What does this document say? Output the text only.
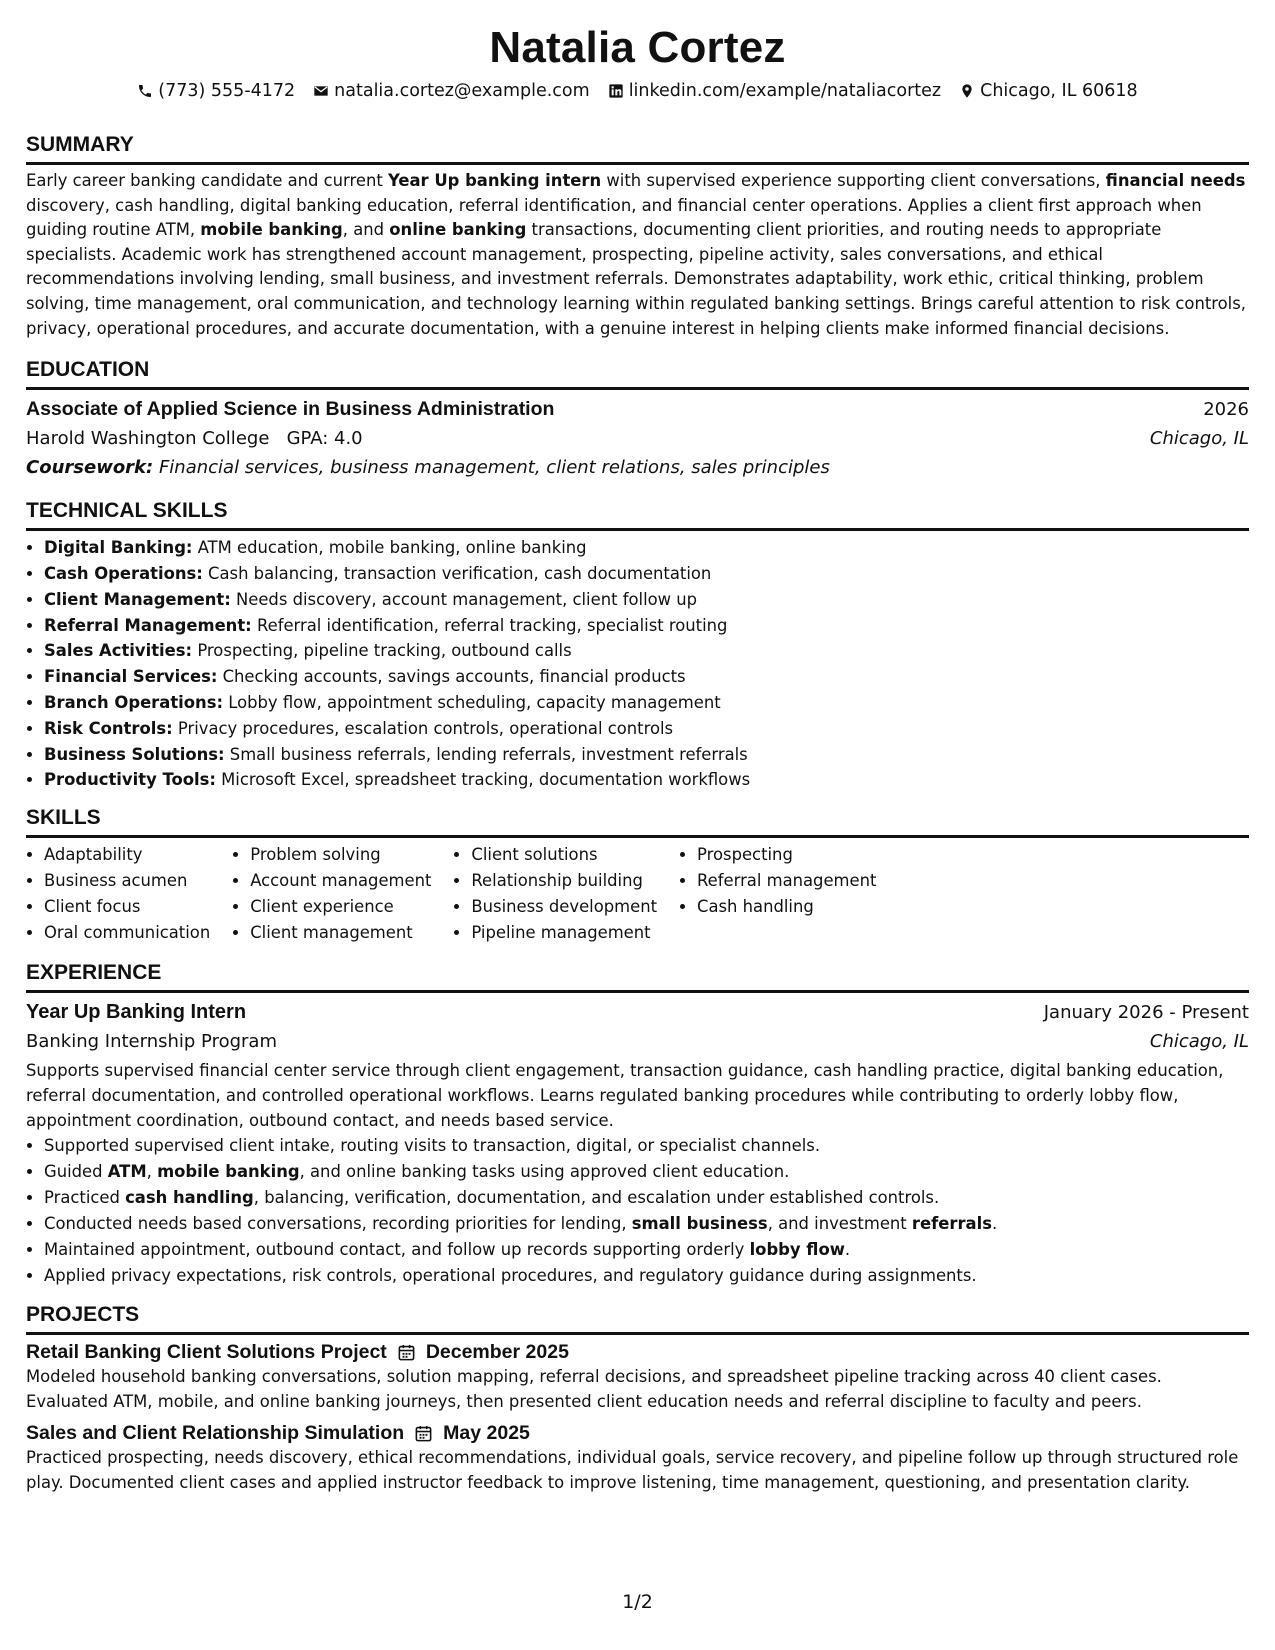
Natalia Cortez
(773) 555-4172 natalia.cortez@example.com linkedin.com/example/nataliacortez Chicago, IL 60618
SUMMARY

Early career banking candidate and current Year Up banking intern with supervised experience supporting client conversations, financial needs discovery, cash handling, digital banking education, referral identification, and financial center operations. Applies a client first approach when guiding routine ATM, mobile banking, and online banking transactions, documenting client priorities, and routing needs to appropriate specialists. Academic work has strengthened account management, prospecting, pipeline activity, sales conversations, and ethical recommendations involving lending, small business, and investment referrals. Demonstrates adaptability, work ethic, critical thinking, problem solving, time management, oral communication, and technology learning within regulated banking settings. Brings careful attention to risk controls, privacy, operational procedures, and accurate documentation, with a genuine interest in helping clients make informed financial decisions.

EDUCATION
Associate of Applied Science in Business Administration	2026
Harold Washington College GPA: 4.0	Chicago, IL
Coursework: Financial services, business management, client relations, sales principles
TECHNICAL SKILLS
• Digital Banking: ATM education, mobile banking, online banking
• Cash Operations: Cash balancing, transaction verification, cash documentation
• Client Management: Needs discovery, account management, client follow up
• Referral Management: Referral identification, referral tracking, specialist routing
• Sales Activities: Prospecting, pipeline tracking, outbound calls
• Financial Services: Checking accounts, savings accounts, financial products
• Branch Operations: Lobby flow, appointment scheduling, capacity management
• Risk Controls: Privacy procedures, escalation controls, operational controls
• Business Solutions: Small business referrals, lending referrals, investment referrals
• Productivity Tools: Microsoft Excel, spreadsheet tracking, documentation workflows
SKILLS
• Adaptability
• Business acumen
• Client focus
• Oral communication
• Problem solving
• Account management
• Client experience
• Client management
• Client solutions
• Relationship building
• Business development
• Pipeline management
• Prospecting
• Referral management
• Cash handling
EXPERIENCE
Year Up Banking Intern	January 2026 - Present
Banking Internship Program	Chicago, IL

Supports supervised financial center service through client engagement, transaction guidance, cash handling practice, digital banking education, referral documentation, and controlled operational workflows. Learns regulated banking procedures while contributing to orderly lobby flow, appointment coordination, outbound contact, and needs based service.

• Supported supervised client intake, routing visits to transaction, digital, or specialist channels.
• Guided ATM, mobile banking, and online banking tasks using approved client education.
• Practiced cash handling, balancing, verification, documentation, and escalation under established controls.
• Conducted needs based conversations, recording priorities for lending, small business, and investment referrals.
• Maintained appointment, outbound contact, and follow up records supporting orderly lobby flow.
• Applied privacy expectations, risk controls, operational procedures, and regulatory guidance during assignments.
PROJECTS
Retail Banking Client Solutions Project December 2025

Modeled household banking conversations, solution mapping, referral decisions, and spreadsheet pipeline tracking across 40 client cases. Evaluated ATM, mobile, and online banking journeys, then presented client education needs and referral discipline to faculty and peers.

Sales and Client Relationship Simulation May 2025

Practiced prospecting, needs discovery, ethical recommendations, individual goals, service recovery, and pipeline follow up through structured role play. Documented client cases and applied instructor feedback to improve listening, time management, questioning, and presentation clarity.

1/2
